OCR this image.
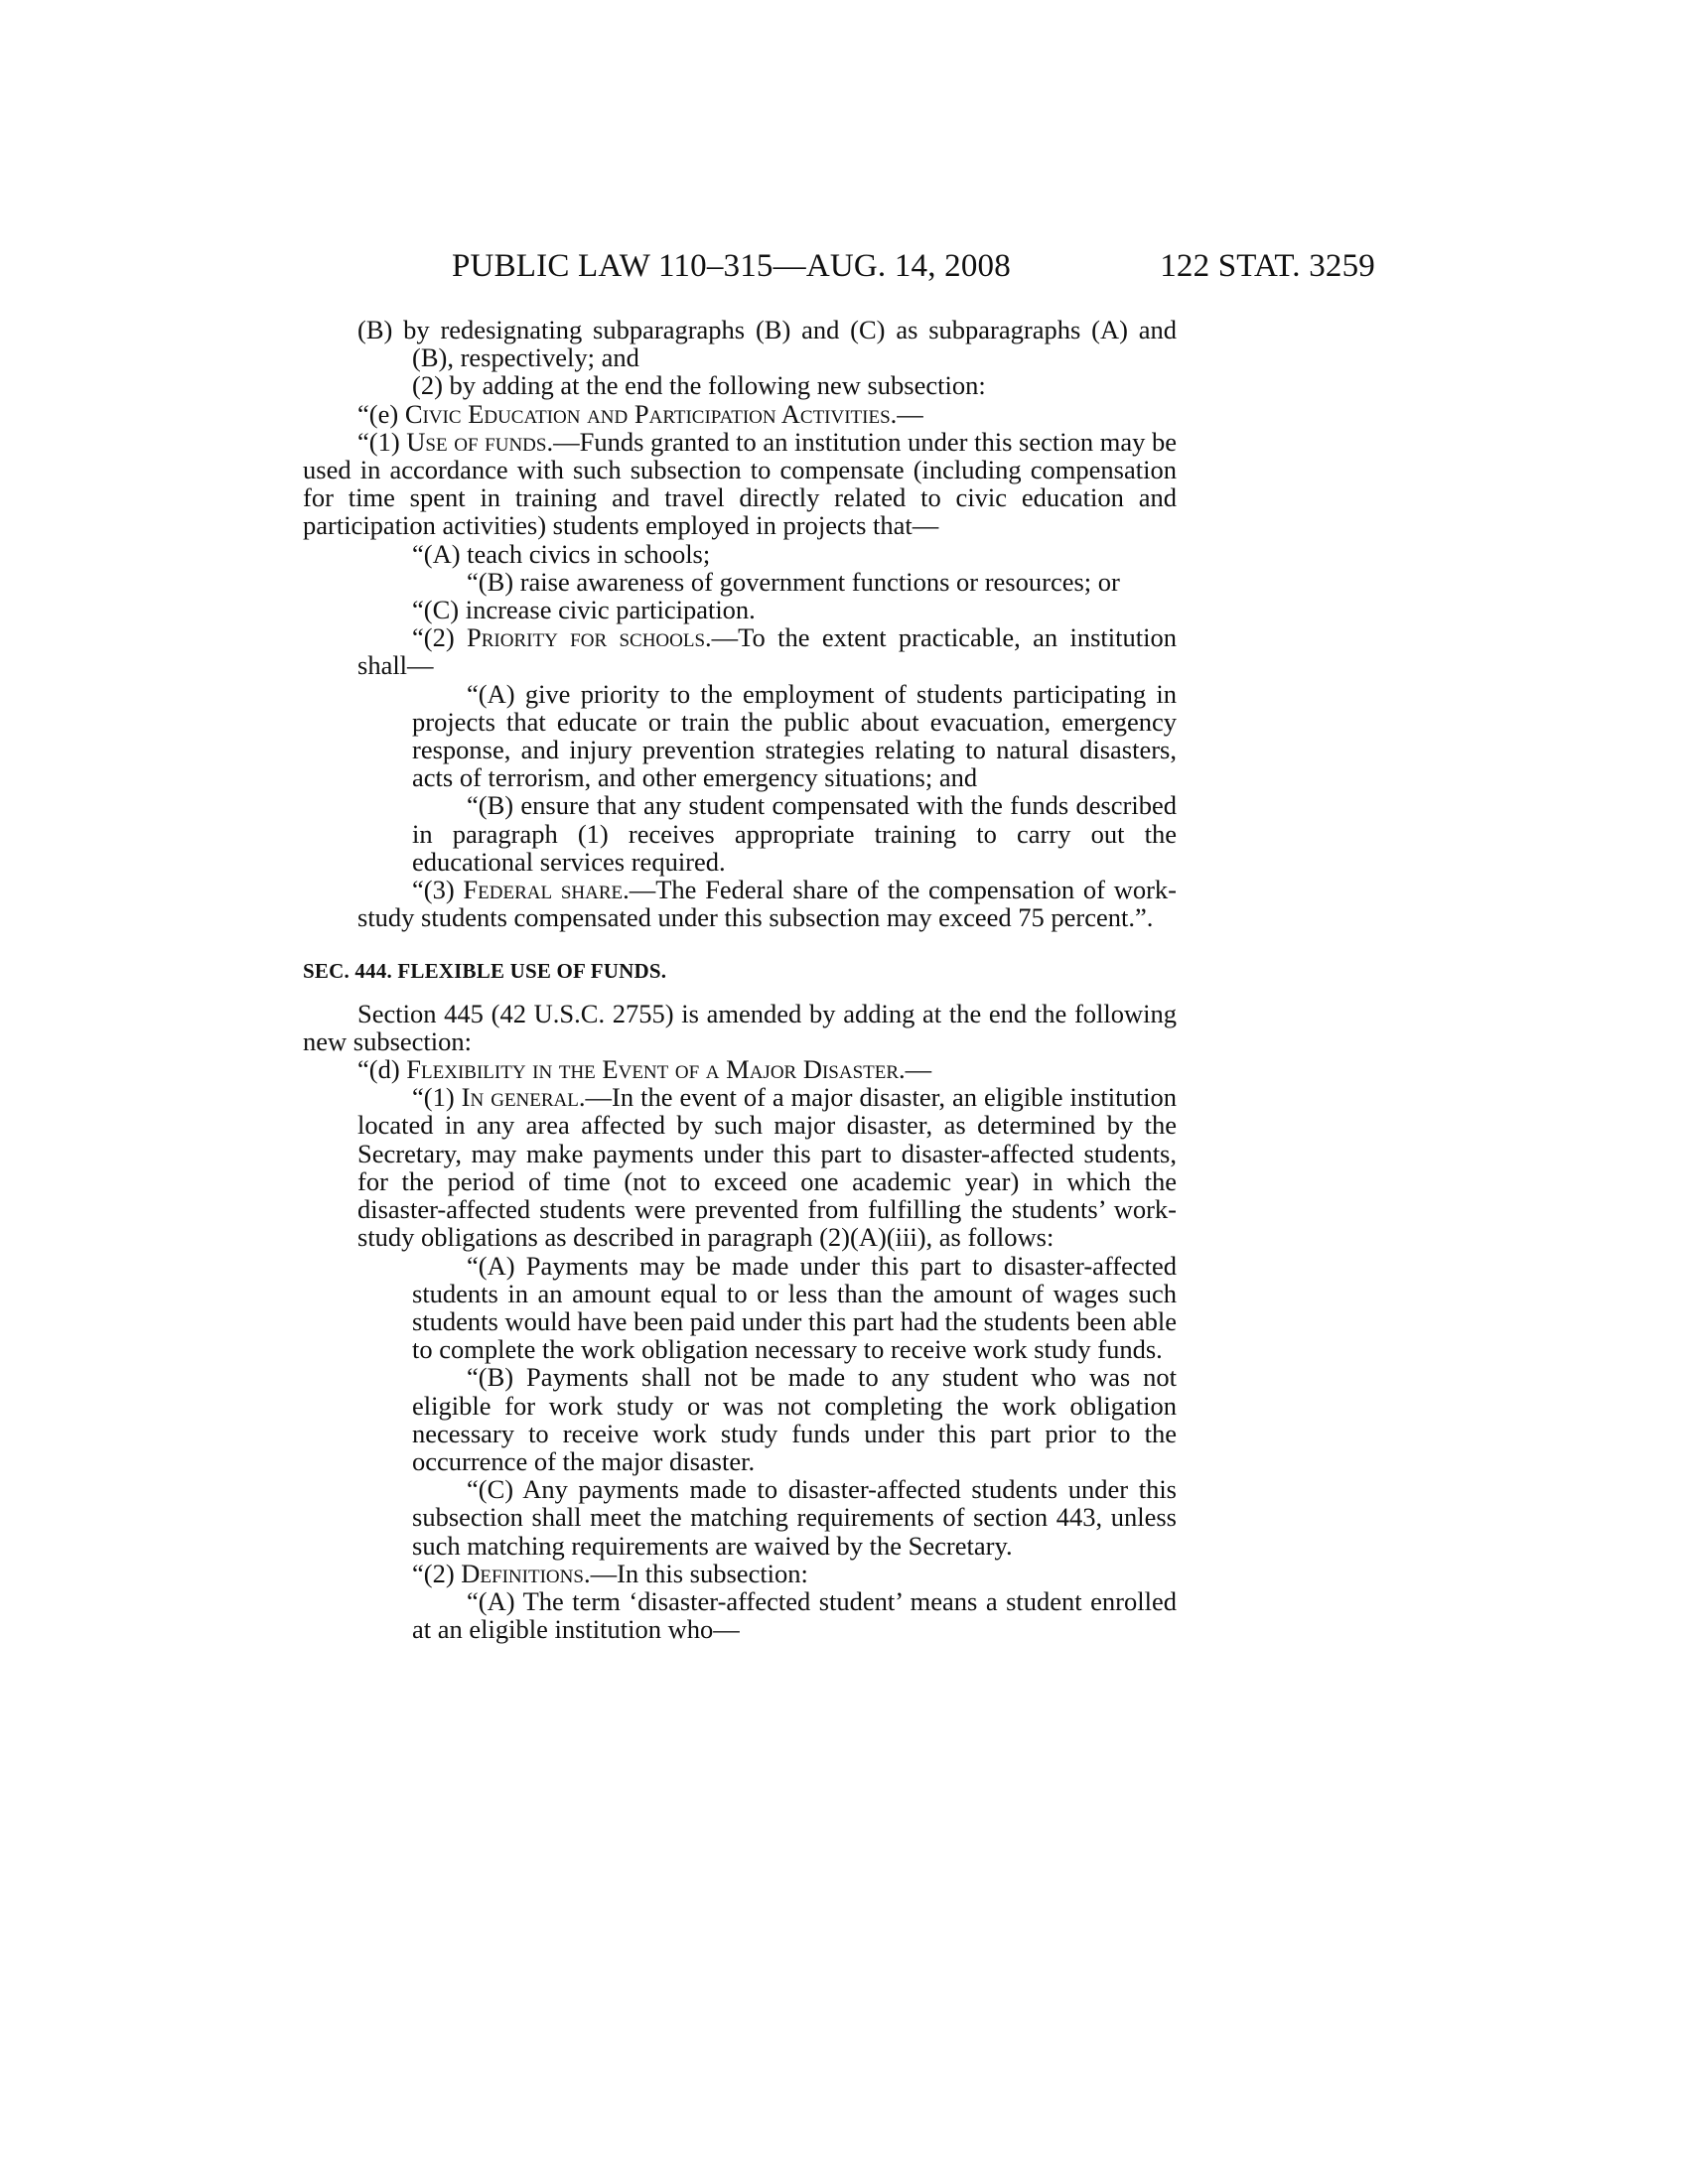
PUBLIC LAW 110–315—AUG. 14, 2008	122 STAT. 3259

(B) by redesignating subparagraphs (B) and (C) as subparagraphs (A) and (B), respectively; and

(2) by adding at the end the following new subsection:

“(e) Civic Education and Participation Activities.—

“(1) Use of funds.—Funds granted to an institution under this section may be used in accordance with such subsection to compensate (including compensation for time spent in training and travel directly related to civic education and participation activities) students employed in projects that—

“(A) teach civics in schools;

“(B) raise awareness of government functions or resources; or

“(C) increase civic participation.

“(2) Priority for schools.—To the extent practicable, an institution shall—

“(A) give priority to the employment of students participating in projects that educate or train the public about evacuation, emergency response, and injury prevention strategies relating to natural disasters, acts of terrorism, and other emergency situations; and

“(B) ensure that any student compensated with the funds described in paragraph (1) receives appropriate training to carry out the educational services required.

“(3) Federal share.—The Federal share of the compensation of work-study students compensated under this subsection may exceed 75 percent.”.

SEC. 444. FLEXIBLE USE OF FUNDS.

Section 445 (42 U.S.C. 2755) is amended by adding at the end the following new subsection:

“(d) Flexibility in the Event of a Major Disaster.—

“(1) In general.—In the event of a major disaster, an eligible institution located in any area affected by such major disaster, as determined by the Secretary, may make payments under this part to disaster-affected students, for the period of time (not to exceed one academic year) in which the disaster-affected students were prevented from fulfilling the students’ work-study obligations as described in paragraph (2)(A)(iii), as follows:

“(A) Payments may be made under this part to disaster-affected students in an amount equal to or less than the amount of wages such students would have been paid under this part had the students been able to complete the work obligation necessary to receive work study funds.

“(B) Payments shall not be made to any student who was not eligible for work study or was not completing the work obligation necessary to receive work study funds under this part prior to the occurrence of the major disaster.

“(C) Any payments made to disaster-affected students under this subsection shall meet the matching requirements of section 443, unless such matching requirements are waived by the Secretary.

“(2) Definitions.—In this subsection:

“(A) The term ‘disaster-affected student’ means a student enrolled at an eligible institution who—
